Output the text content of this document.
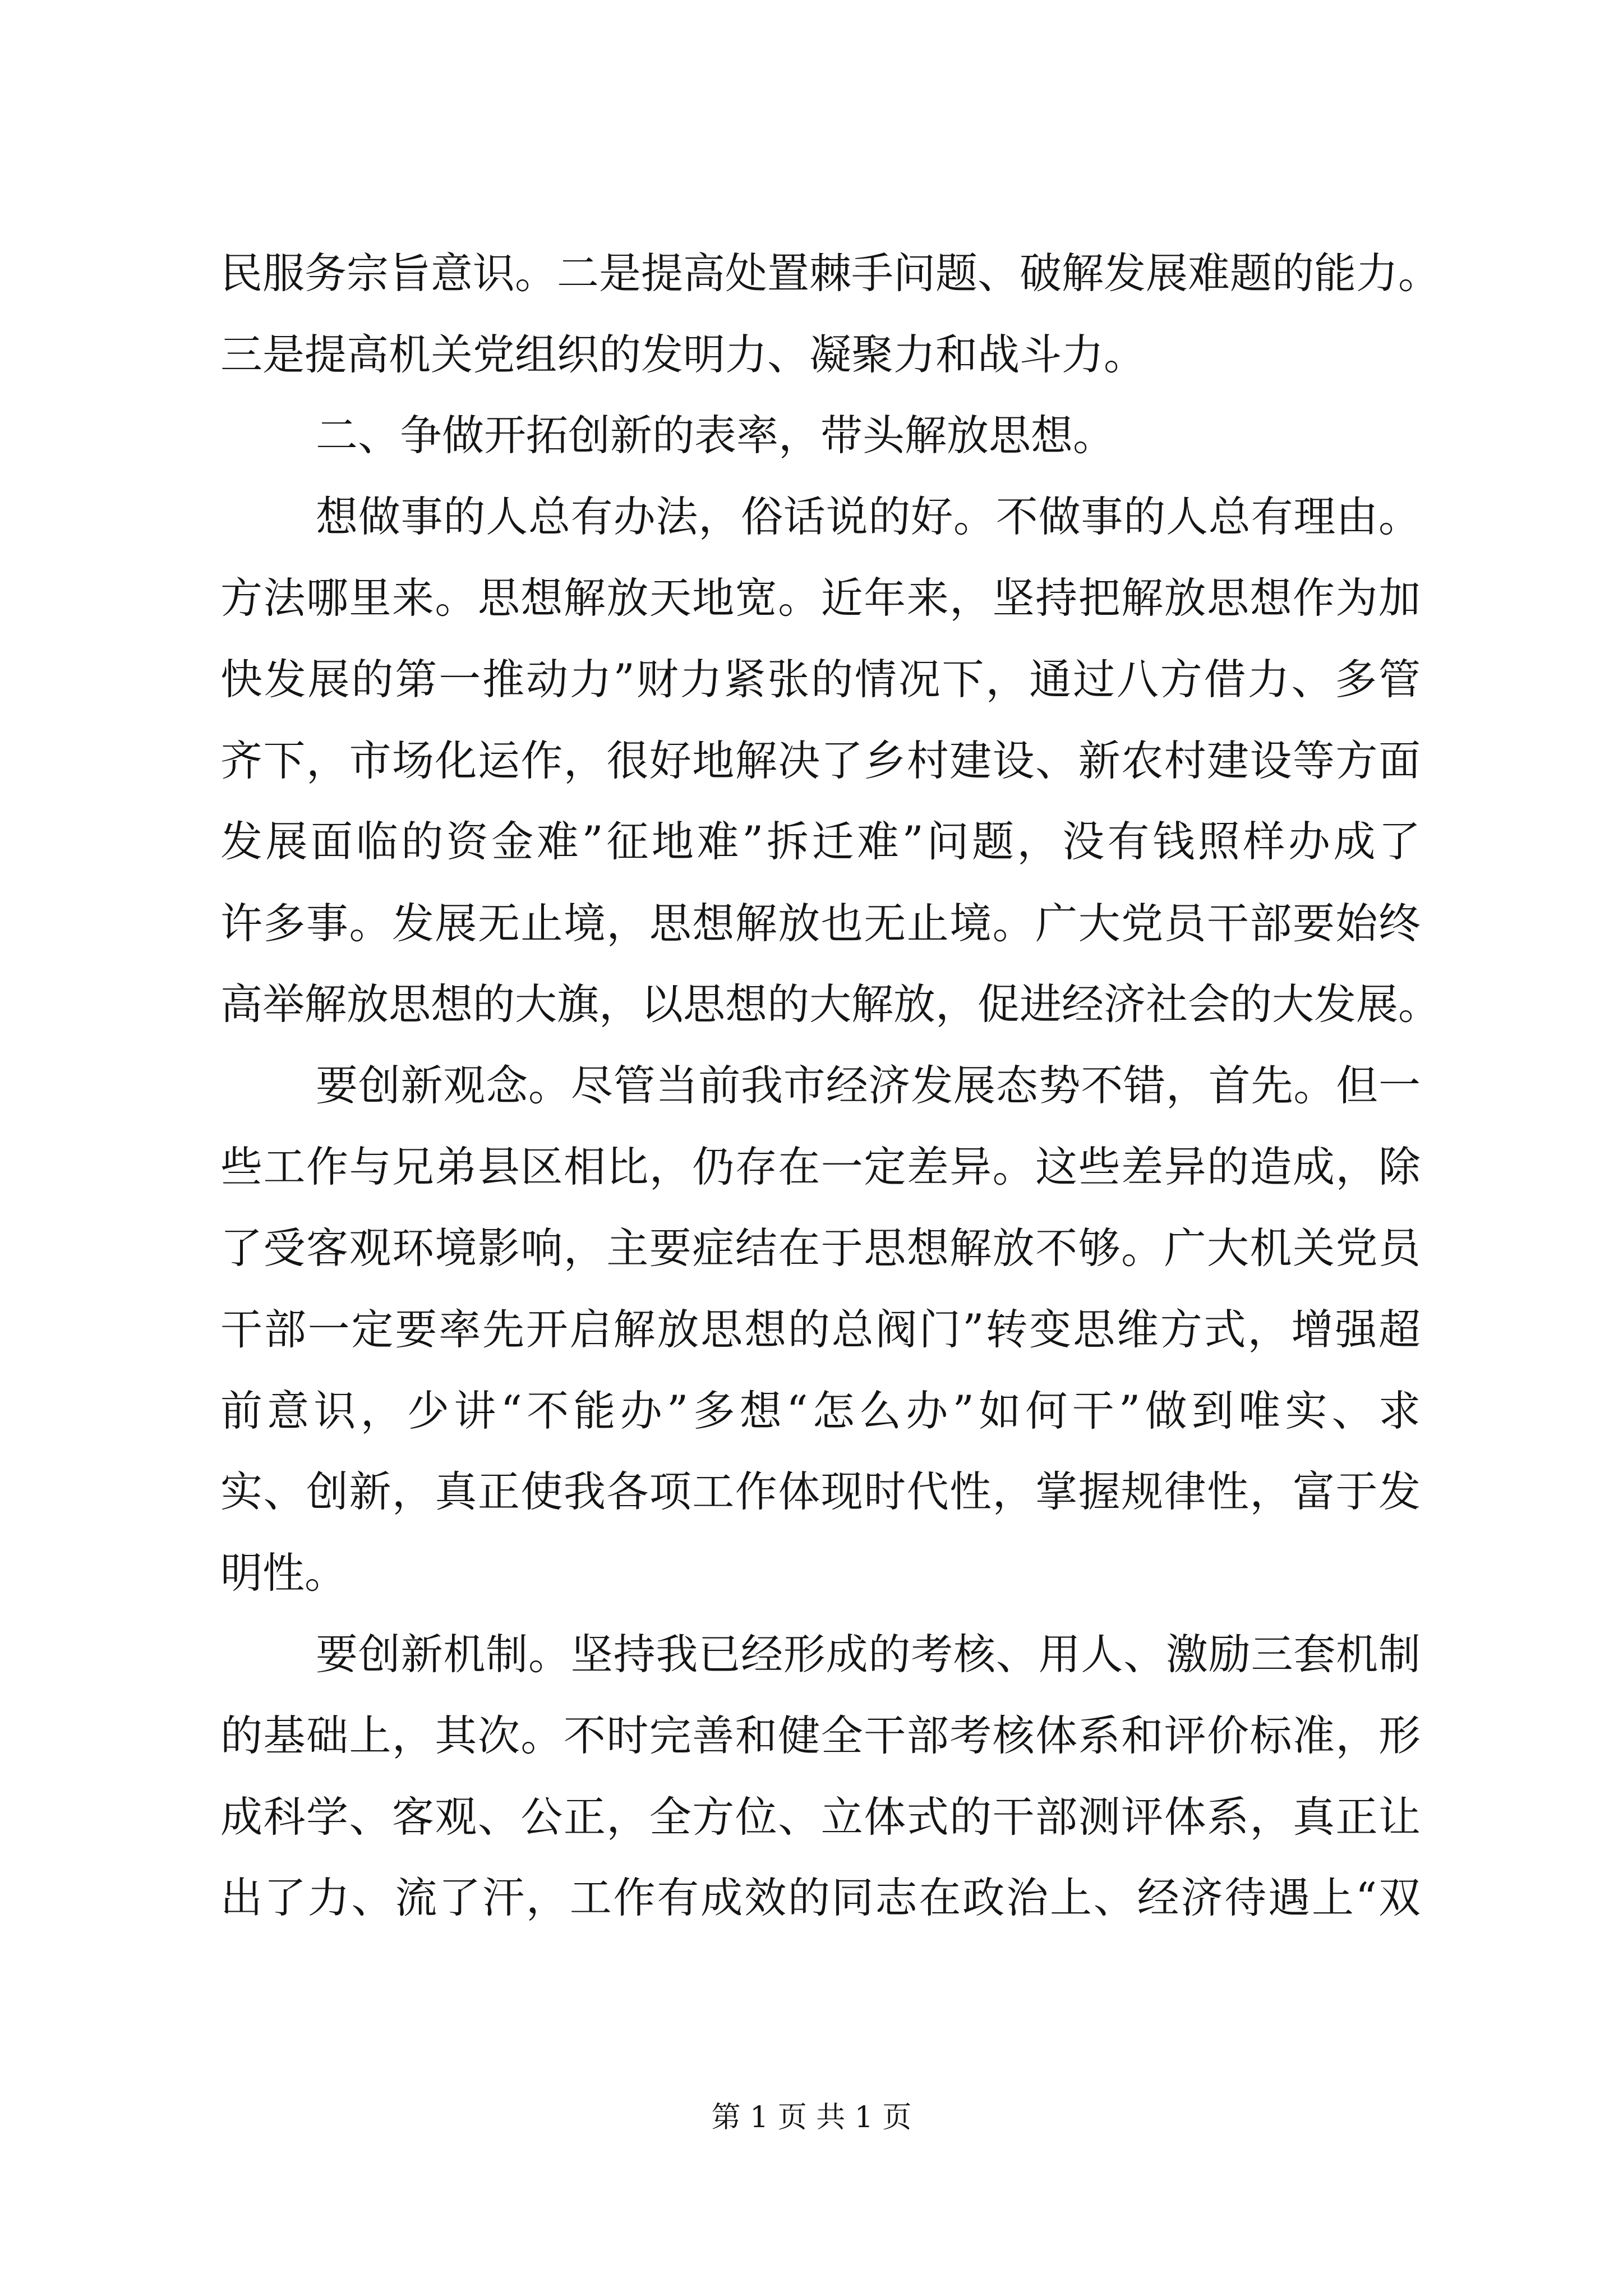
民服务宗旨意识。二是提高处置棘手问题、破解发展难题的能力。
三是提高机关党组织的发明力、凝聚力和战斗力。
二、争做开拓创新的表率，带头解放思想。
想做事的人总有办法，俗话说的好。不做事的人总有理由。
方法哪里来。思想解放天地宽。近年来，坚持把解放思想作为加
快发展的第一推动力”财力紧张的情况下，通过八方借力、多管
齐下，市场化运作，很好地解决了乡村建设、新农村建设等方面
发展面临的资金难”征地难”拆迁难”问题，没有钱照样办成了
许多事。发展无止境，思想解放也无止境。广大党员干部要始终
高举解放思想的大旗，以思想的大解放，促进经济社会的大发展。
要创新观念。尽管当前我市经济发展态势不错，首先。但一
些工作与兄弟县区相比，仍存在一定差异。这些差异的造成，除
了受客观环境影响，主要症结在于思想解放不够。广大机关党员
干部一定要率先开启解放思想的总阀门”转变思维方式，增强超
前意识，少讲“不能办”多想“怎么办”如何干”做到唯实、求
实、创新，真正使我各项工作体现时代性，掌握规律性，富于发
明性。
要创新机制。坚持我已经形成的考核、用人、激励三套机制
的基础上，其次。不时完善和健全干部考核体系和评价标准，形
成科学、客观、公正，全方位、立体式的干部测评体系，真正让
出了力、流了汗，工作有成效的同志在政治上、经济待遇上“双
第 1 页 共 1 页
